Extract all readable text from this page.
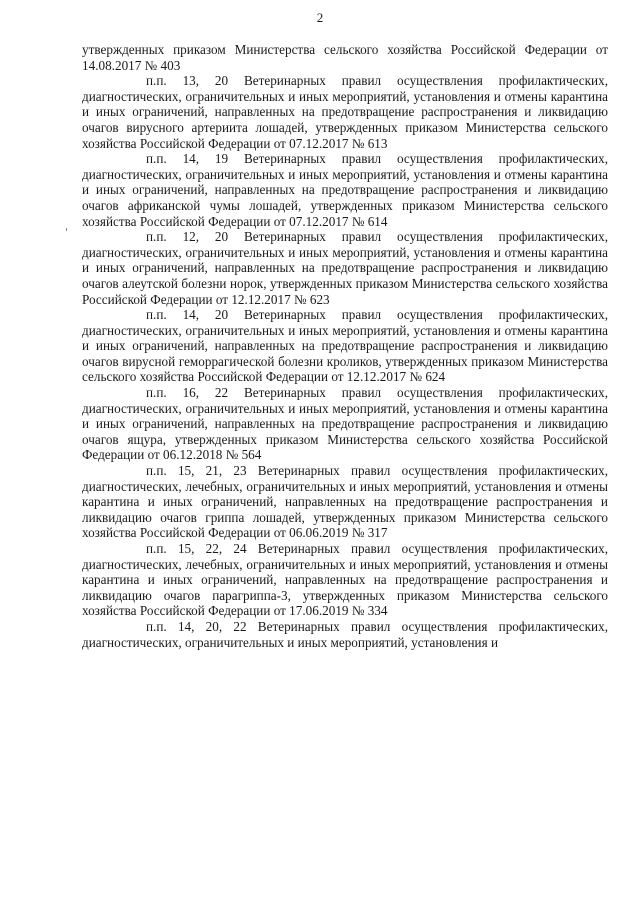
2

утвержденных приказом Министерства сельского хозяйства Российской Федерации от 14.08.2017 № 403

п.п. 13, 20 Ветеринарных правил осуществления профилактических, диагностических, ограничительных и иных мероприятий, установления и отмены карантина и иных ограничений, направленных на предотвращение распространения и ликвидацию очагов вирусного артериита лошадей, утвержденных приказом Министерства сельского хозяйства Российской Федерации от 07.12.2017 № 613

п.п. 14, 19 Ветеринарных правил осуществления профилактических, диагностических, ограничительных и иных мероприятий, установления и отмены карантина и иных ограничений, направленных на предотвращение распространения и ликвидацию очагов африканской чумы лошадей, утвержденных приказом Министерства сельского хозяйства Российской Федерации от 07.12.2017 № 614

п.п. 12, 20 Ветеринарных правил осуществления профилактических, диагностических, ограничительных и иных мероприятий, установления и отмены карантина и иных ограничений, направленных на предотвращение распространения и ликвидацию очагов алеутской болезни норок, утвержденных приказом Министерства сельского хозяйства Российской Федерации от 12.12.2017 № 623

п.п. 14, 20 Ветеринарных правил осуществления профилактических, диагностических, ограничительных и иных мероприятий, установления и отмены карантина и иных ограничений, направленных на предотвращение распространения и ликвидацию очагов вирусной геморрагической болезни кроликов, утвержденных приказом Министерства сельского хозяйства Российской Федерации от 12.12.2017 № 624

п.п. 16, 22 Ветеринарных правил осуществления профилактических, диагностических, ограничительных и иных мероприятий, установления и отмены карантина и иных ограничений, направленных на предотвращение распространения и ликвидацию очагов ящура, утвержденных приказом Министерства сельского хозяйства Российской Федерации от 06.12.2018 № 564

п.п. 15, 21, 23 Ветеринарных правил осуществления профилактических, диагностических, лечебных, ограничительных и иных мероприятий, установления и отмены карантина и иных ограничений, направленных на предотвращение распространения и ликвидацию очагов гриппа лошадей, утвержденных приказом Министерства сельского хозяйства Российской Федерации от 06.06.2019 № 317

п.п. 15, 22, 24 Ветеринарных правил осуществления профилактических, диагностических, лечебных, ограничительных и иных мероприятий, установления и отмены карантина и иных ограничений, направленных на предотвращение распространения и ликвидацию очагов парагриппа-3, утвержденных приказом Министерства сельского хозяйства Российской Федерации от 17.06.2019 № 334

п.п. 14, 20, 22 Ветеринарных правил осуществления профилактических, диагностических, ограничительных и иных мероприятий, установления и
